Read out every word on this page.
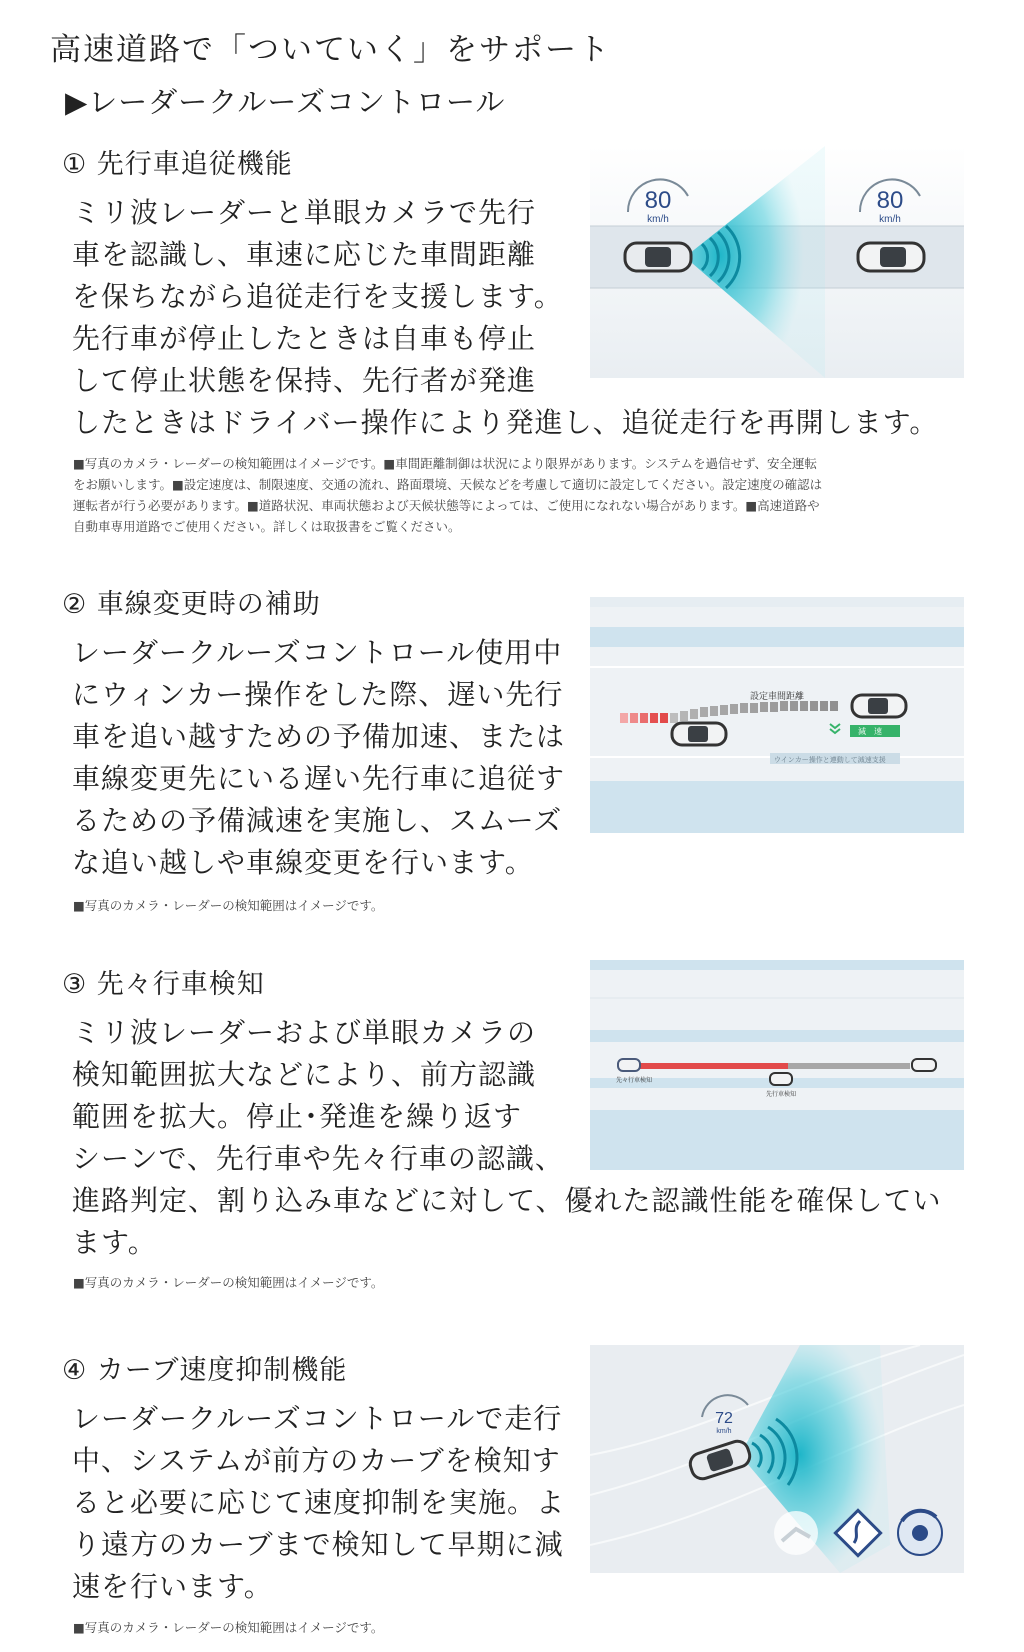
高速道路で「ついていく」をサポート
▶レーダークルーズコントロール
① 先行車追従機能
ミリ波レーダーと単眼カメラで先行
車を認識し、車速に応じた車間距離
を保ちながら追従走行を支援します。
先行車が停止したときは自車も停止
して停止状態を保持、先行者が発進
したときはドライバー操作により発進し、追従走行を再開します。
■写真のカメラ・レーダーの検知範囲はイメージです。■車間距離制御は状況により限界があります。システムを過信せず、安全運転
をお願いします。■設定速度は、制限速度、交通の流れ、路面環境、天候などを考慮して適切に設定してください。設定速度の確認は
運転者が行う必要があります。■道路状況、車両状態および天候状態等によっては、ご使用になれない場合があります。■高速道路や
自動車専用道路でご使用ください。詳しくは取扱書をご覧ください。
80
km/h
80
km/h
② 車線変更時の補助
レーダークルーズコントロール使用中
にウィンカー操作をした際、遅い先行
車を追い越すための予備加速、または
車線変更先にいる遅い先行車に追従す
るための予備減速を実施し、スムーズ
な追い越しや車線変更を行います。
■写真のカメラ・レーダーの検知範囲はイメージです。
設定車間距離
減　速
ウインカー操作と連動して減速支援
③ 先々行車検知
ミリ波レーダーおよび単眼カメラの
検知範囲拡大などにより、前方認識
範囲を拡大。停止･発進を繰り返す
シーンで、先行車や先々行車の認識、
進路判定、割り込み車などに対して、優れた認識性能を確保してい
ます。
■写真のカメラ・レーダーの検知範囲はイメージです。
先々行車検知
先行車検知
④ カーブ速度抑制機能
レーダークルーズコントロールで走行
中、システムが前方のカーブを検知す
ると必要に応じて速度抑制を実施。よ
り遠方のカーブまで検知して早期に減
速を行います。
■写真のカメラ・レーダーの検知範囲はイメージです。
72
km/h
